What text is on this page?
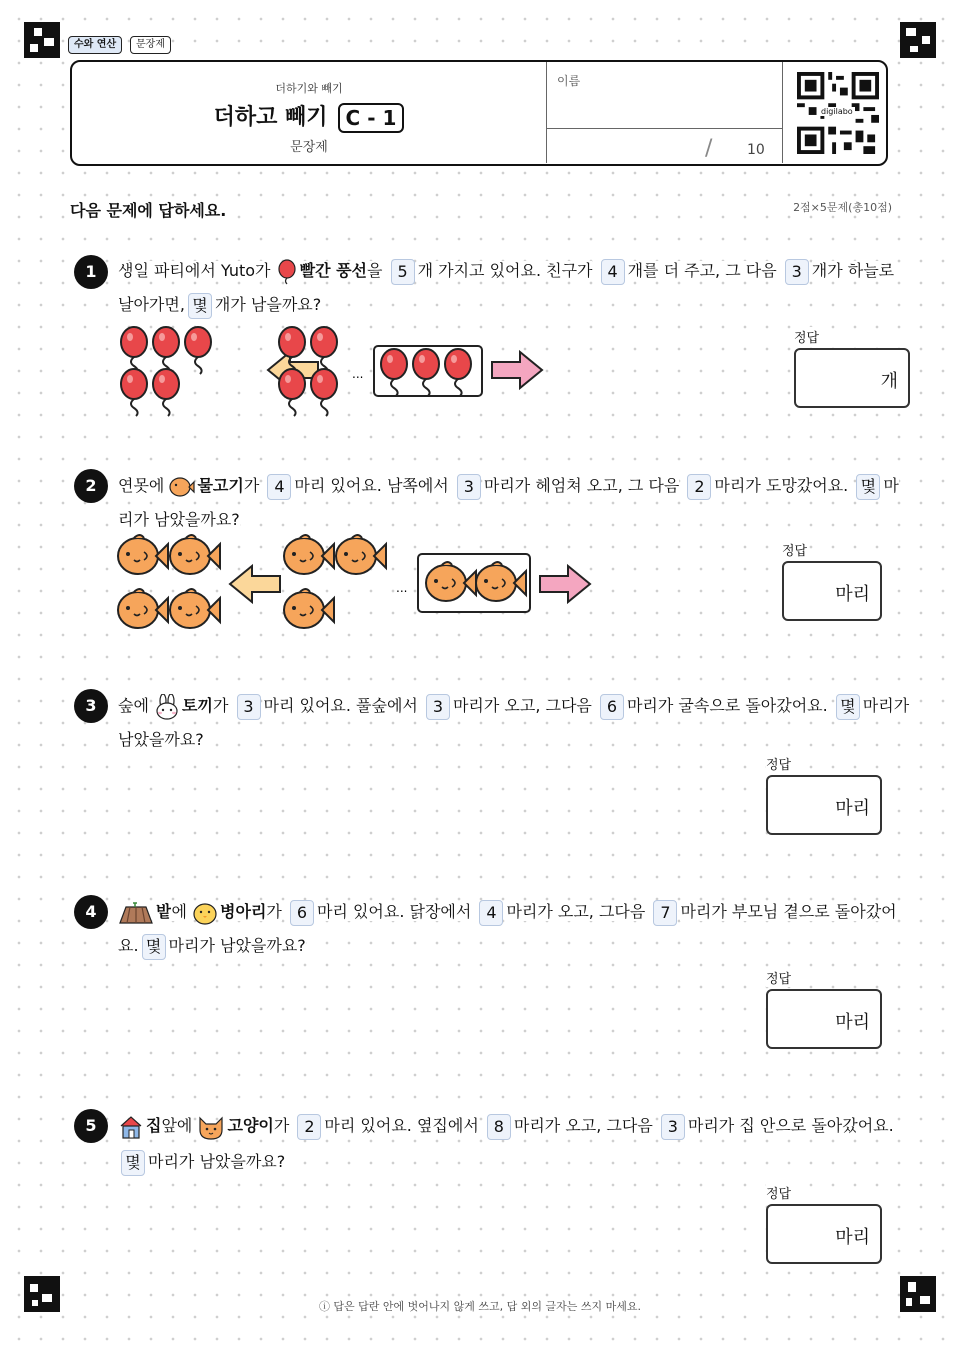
수와 연산	문장제
더하기와 빼기
더하고 빼기 C - 1
문장제
이름
/ 10
digilabo
다음 문제에 답하세요.	2점×5문제(총10점)
1	생일 파티에서 Yuto가 빨간 풍선을 5 개 가지고 있어요. 친구가 4 개를 더 주고, 그 다음 3 개가 하늘로
날아가면, 몇 개가 남을까요?
...
정답
개
2	연못에 물고기가 4 마리 있어요. 남쪽에서 3 마리가 헤엄쳐 오고, 그 다음 2 마리가 도망갔어요. 몇 마
리가 남았을까요?
...
정답
마리
3	숲에 토끼가 3 마리 있어요. 풀숲에서 3 마리가 오고, 그다음 6 마리가 굴속으로 돌아갔어요. 몇 마리가
남았을까요?
정답
마리
4	밭에 병아리가 6 마리 있어요. 닭장에서 4 마리가 오고, 그다음 7 마리가 부모님 곁으로 돌아갔어
요. 몇 마리가 남았을까요?
정답
마리
5	집앞에 고양이가 2 마리 있어요. 옆집에서 8 마리가 오고, 그다음 3 마리가 집 안으로 돌아갔어요.
몇 마리가 남았을까요?
정답
마리
ⓘ 답은 답란 안에 벗어나지 않게 쓰고, 답 외의 글자는 쓰지 마세요.
